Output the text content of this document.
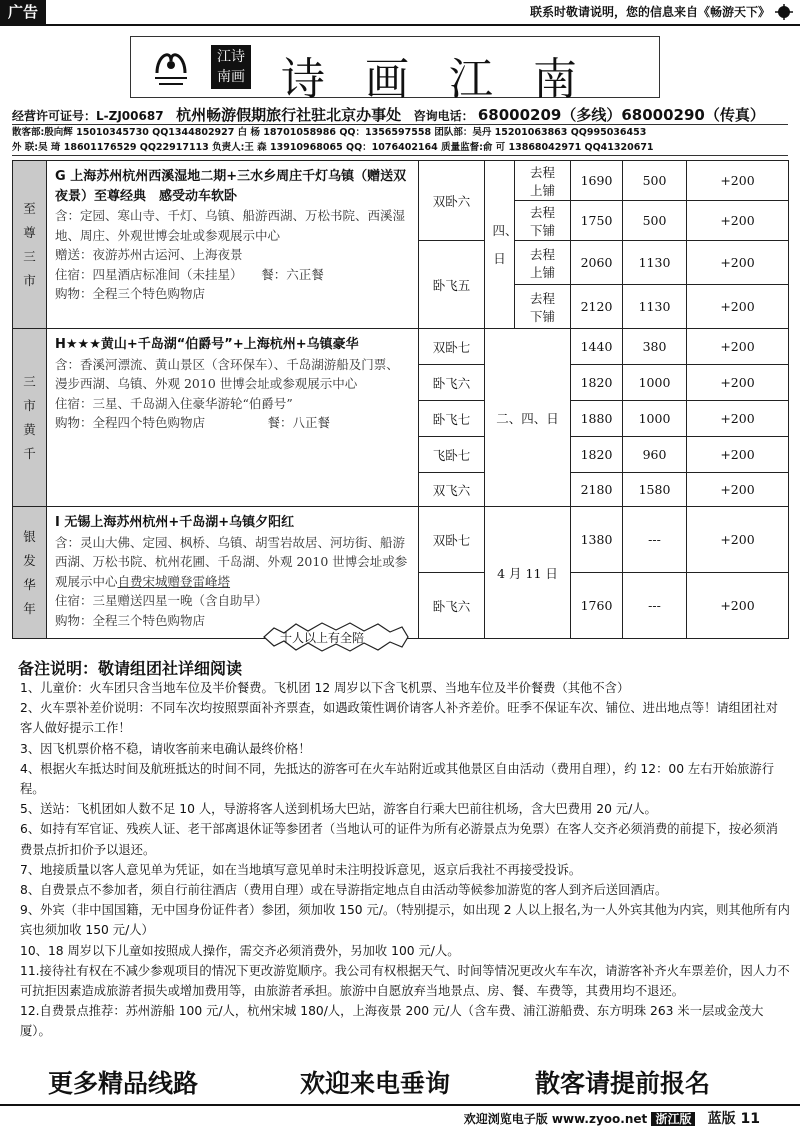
广告	联系时敬请说明，您的信息来自《畅游天下》
江诗南画 诗画江南
经营许可证号：L-ZJ00687 杭州畅游假期旅行社驻北京办事处 咨询电话： 68000209（多线）68000290（传真）
散客部:殷向辉 15010345730 QQ1344802927 白 杨 18701058986 QQ：1356597558 团队部：吴丹 15201063863 QQ995036453
外 联:吴 琦 18601176529 QQ22917113 负责人:王 森 13910968065 QQ：1076402164 质量监督:俞 可 13868042971 QQ41320671
至尊三市	G 上海苏州杭州西溪湿地二期+三水乡周庄千灯乌镇（赠送双夜景）至尊经典　感受动车软卧
含：定园、寒山寺、千灯、乌镇、船游西湖、万松书院、西溪湿地、周庄、外观世博会址或参观展示中心
赠送：夜游苏州古运河、上海夜景
住宿：四星酒店标准间（未挂星）　　餐：六正餐
购物：全程三个特色购物店	双卧六	四、日	去程上铺	1690	500	+200

				去程下铺	1750	500	+200
		卧飞五		去程上铺	2060	1130	+200

				去程下铺	2120	1130	+200

三市黄千	H★★★黄山+千岛湖“伯爵号”+上海杭州+乌镇豪华
含：香溪河漂流、黄山景区（含环保车）、千岛湖游船及门票、漫步西湖、乌镇、外观 2010 世博会址或参观展示中心
住宿：三星、千岛湖入住豪华游轮“伯爵号”
购物：全程四个特色购物店　　　　　餐：八正餐	双卧七	二、四、日		1440	380	+200
		卧飞六			1820	1000	+200
		卧飞七			1880	1000	+200
		飞卧七			1820	960	+200
		双飞六			2180	1580	+200

银发华年	I 无锡上海苏州杭州+千岛湖+乌镇夕阳红
含：灵山大佛、定园、枫桥、乌镇、胡雪岩故居、河坊街、船游西湖、万松书院、杭州花圃、千岛湖、外观 2010 世博会址或参观展示中心自费宋城赠登雷峰塔
住宿：三星赠送四星一晚（含自助早）
购物：全程三个特色购物店	双卧七	4 月 11 日		1380	---	+200
		卧飞六			1760	---	+200
十人以上有全陪
备注说明：敬请组团社详细阅读

1、儿童价：火车团只含当地车位及半价餐费。飞机团 12 周岁以下含飞机票、当地车位及半价餐费（其他不含）

2、火车票补差价说明：不同车次均按照票面补齐票查，如遇政策性调价请客人补齐差价。旺季不保证车次、铺位、进出地点等！请组团社对客人做好提示工作！

3、因飞机票价格不稳，请收客前来电确认最终价格！

4、根据火车抵达时间及航班抵达的时间不同，先抵达的游客可在火车站附近或其他景区自由活动（费用自理），约 12：00 左右开始旅游行程。

5、送站：飞机团如人数不足 10 人，导游将客人送到机场大巴站，游客自行乘大巴前往机场，含大巴费用 20 元/人。

6、如持有军官证、残疾人证、老干部离退休证等参团者（当地认可的证件为所有必游景点为免票）在客人交齐必须消费的前提下，按必须消费景点折扣价予以退还。

7、地接质量以客人意见单为凭证，如在当地填写意见单时未注明投诉意见，返京后我社不再接受投诉。

8、自费景点不参加者，须自行前往酒店（费用自理）或在导游指定地点自由活动等候参加游览的客人到齐后送回酒店。

9、外宾（非中国国籍，无中国身份证件者）参团，须加收 150 元/。（特别提示，如出现 2 人以上报名,为一人外宾其他为内宾，则其他所有内宾也须加收 150 元/人）

10、18 周岁以下儿童如按照成人操作，需交齐必须消费外，另加收 100 元/人。

11.接待社有权在不减少参观项目的情况下更改游览顺序。我公司有权根据天气、时间等情况更改火车车次，请游客补齐火车票差价，因人力不可抗拒因素造成旅游者损失或增加费用等，由旅游者承担。旅游中自愿放弃当地景点、房、餐、车费等，其费用均不退还。

12.自费景点推荐：苏州游船 100 元/人，杭州宋城 180/人，上海夜景 200 元/人（含车费、浦江游船费、东方明珠 263 米一层或金茂大厦）。

更多精品线路	欢迎来电垂询	散客请提前报名
欢迎浏览电子版 www.zyoo.net 浙江版 蓝版 11
